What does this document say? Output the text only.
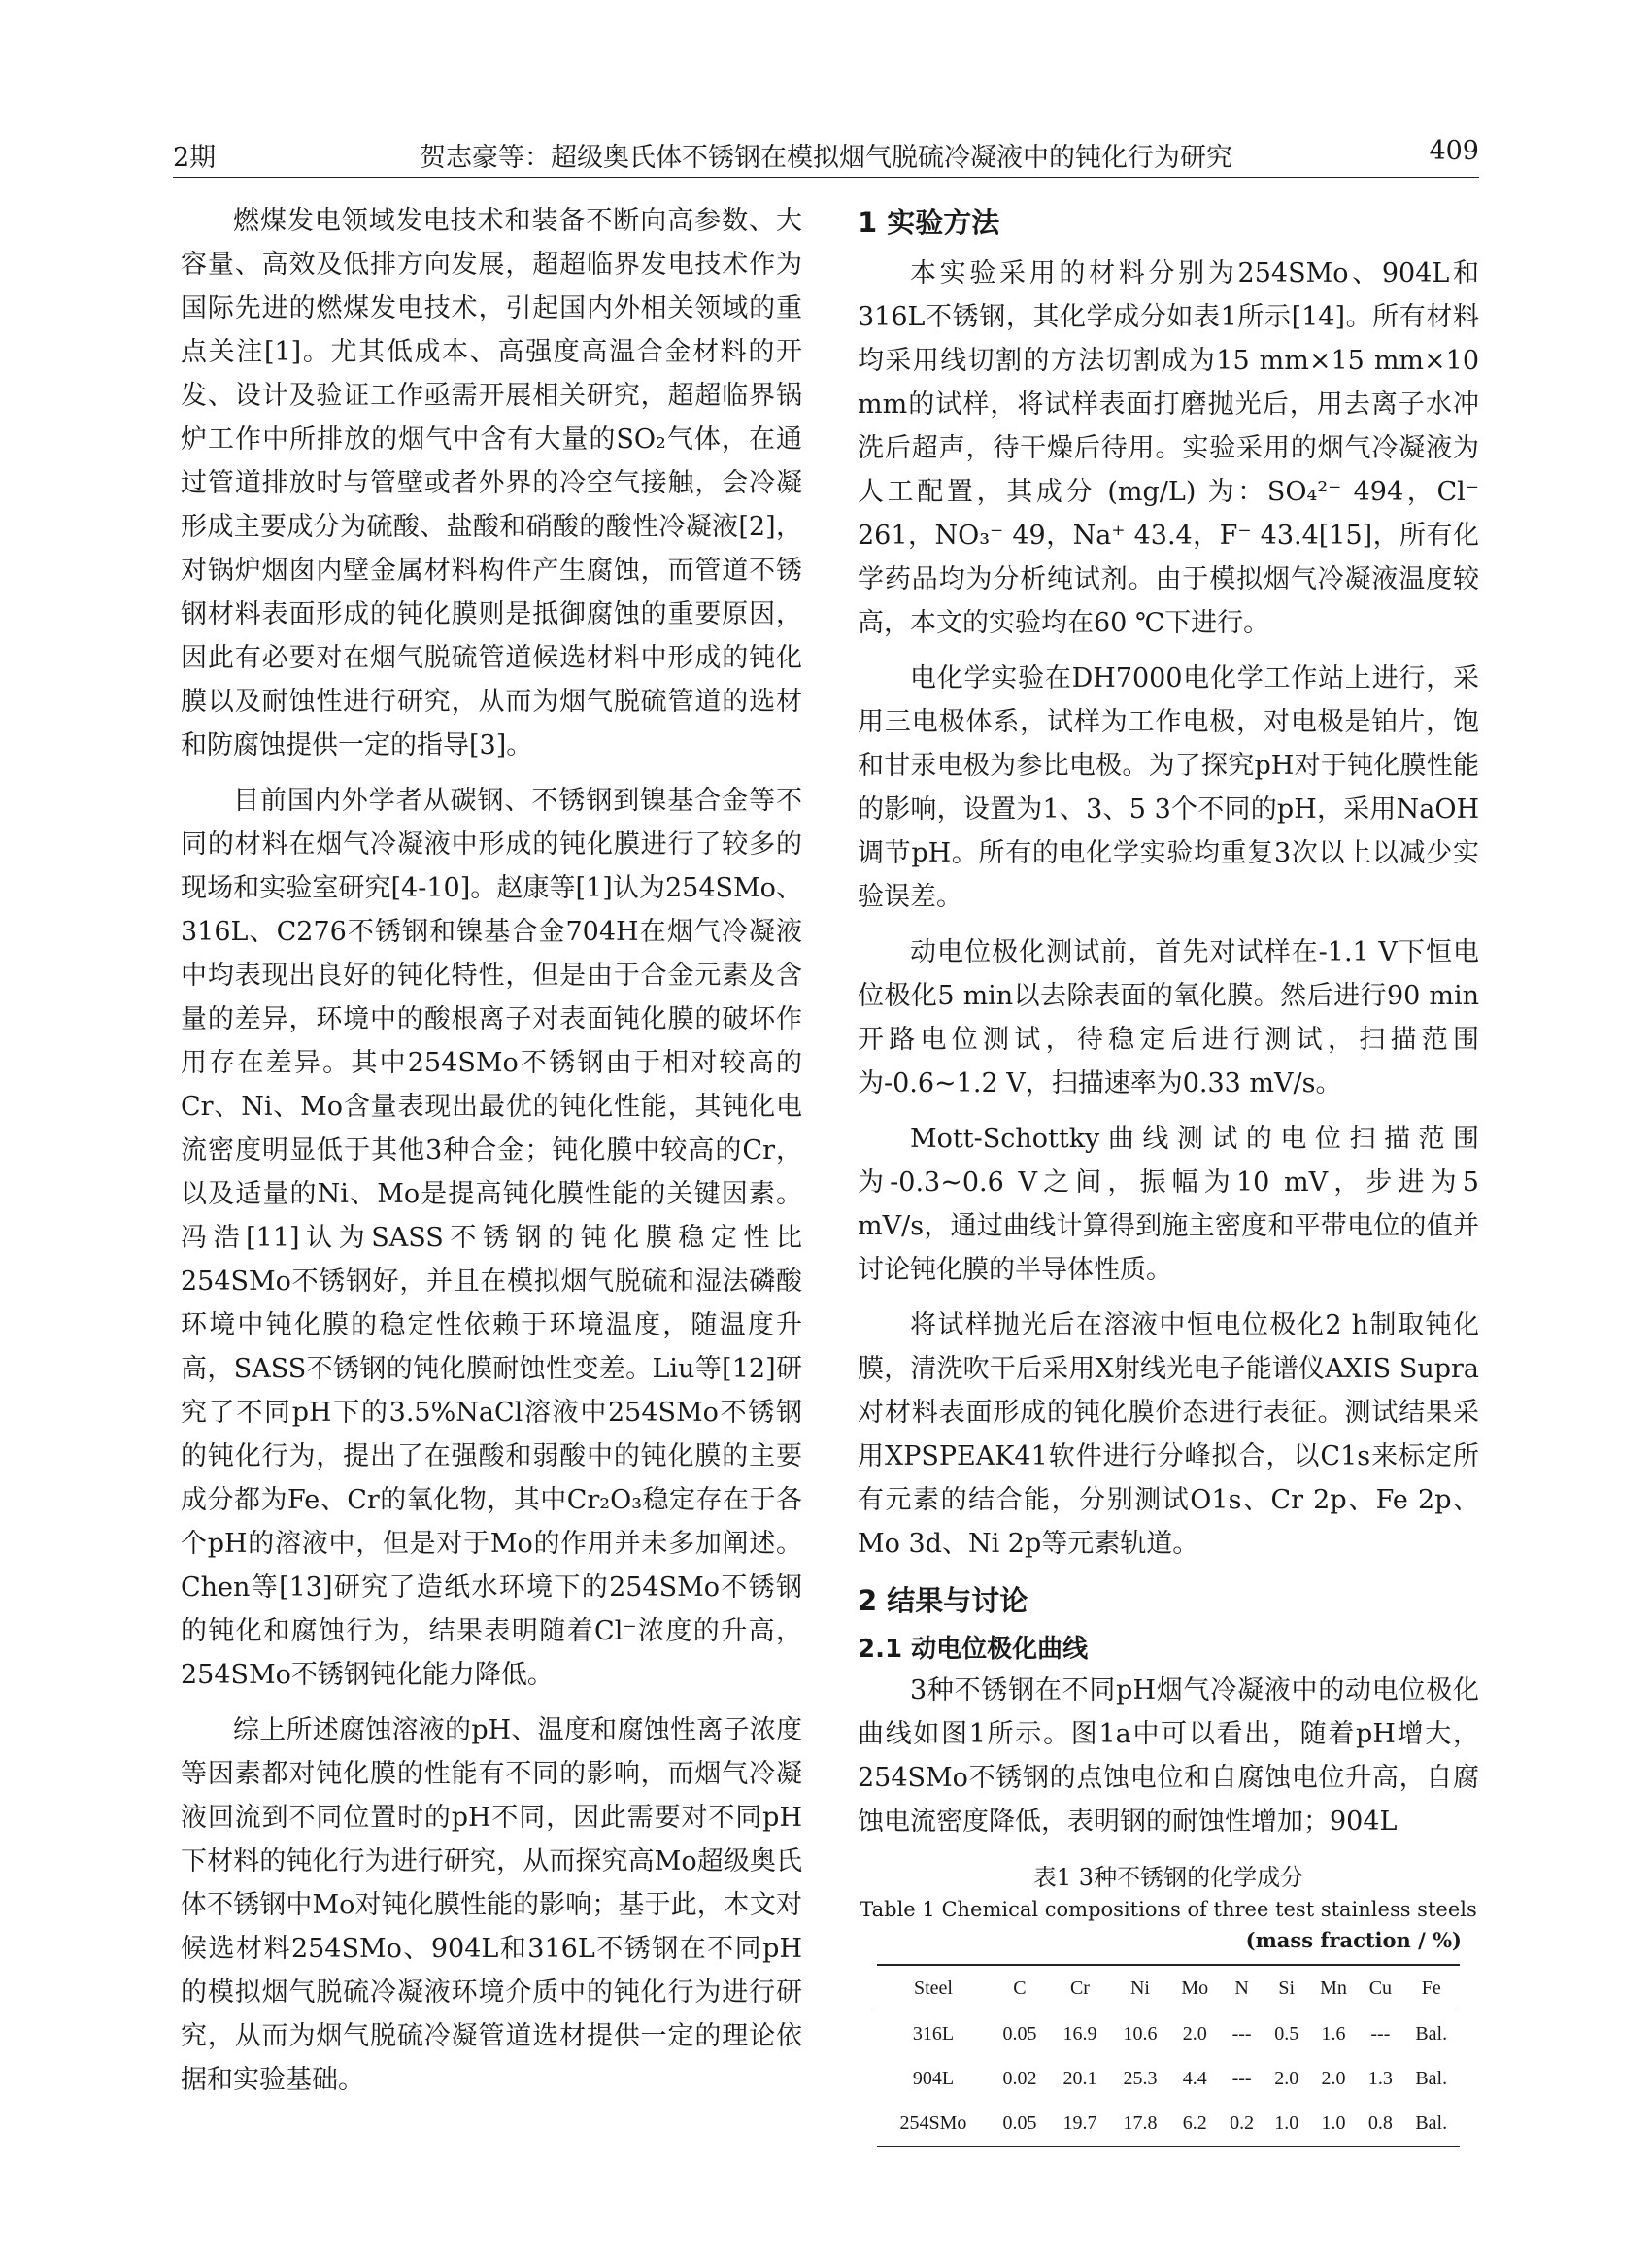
2期	贺志豪等：超级奥氏体不锈钢在模拟烟气脱硫冷凝液中的钝化行为研究	409

燃煤发电领域发电技术和装备不断向高参数、大容量、高效及低排方向发展，超超临界发电技术作为国际先进的燃煤发电技术，引起国内外相关领域的重点关注[1]。尤其低成本、高强度高温合金材料的开发、设计及验证工作亟需开展相关研究，超超临界锅炉工作中所排放的烟气中含有大量的SO₂气体，在通过管道排放时与管壁或者外界的冷空气接触，会冷凝形成主要成分为硫酸、盐酸和硝酸的酸性冷凝液[2]，对锅炉烟囱内壁金属材料构件产生腐蚀，而管道不锈钢材料表面形成的钝化膜则是抵御腐蚀的重要原因，因此有必要对在烟气脱硫管道候选材料中形成的钝化膜以及耐蚀性进行研究，从而为烟气脱硫管道的选材和防腐蚀提供一定的指导[3]。

目前国内外学者从碳钢、不锈钢到镍基合金等不同的材料在烟气冷凝液中形成的钝化膜进行了较多的现场和实验室研究[4-10]。赵康等[1]认为254SMo、316L、C276不锈钢和镍基合金704H在烟气冷凝液中均表现出良好的钝化特性，但是由于合金元素及含量的差异，环境中的酸根离子对表面钝化膜的破坏作用存在差异。其中254SMo不锈钢由于相对较高的Cr、Ni、Mo含量表现出最优的钝化性能，其钝化电流密度明显低于其他3种合金；钝化膜中较高的Cr，以及适量的Ni、Mo是提高钝化膜性能的关键因素。冯浩[11]认为SASS不锈钢的钝化膜稳定性比254SMo不锈钢好，并且在模拟烟气脱硫和湿法磷酸环境中钝化膜的稳定性依赖于环境温度，随温度升高，SASS不锈钢的钝化膜耐蚀性变差。Liu等[12]研究了不同pH下的3.5%NaCl溶液中254SMo不锈钢的钝化行为，提出了在强酸和弱酸中的钝化膜的主要成分都为Fe、Cr的氧化物，其中Cr₂O₃稳定存在于各个pH的溶液中，但是对于Mo的作用并未多加阐述。Chen等[13]研究了造纸水环境下的254SMo不锈钢的钝化和腐蚀行为，结果表明随着Cl⁻浓度的升高，254SMo不锈钢钝化能力降低。

综上所述腐蚀溶液的pH、温度和腐蚀性离子浓度等因素都对钝化膜的性能有不同的影响，而烟气冷凝液回流到不同位置时的pH不同，因此需要对不同pH下材料的钝化行为进行研究，从而探究高Mo超级奥氏体不锈钢中Mo对钝化膜性能的影响；基于此，本文对候选材料254SMo、904L和316L不锈钢在不同pH的模拟烟气脱硫冷凝液环境介质中的钝化行为进行研究，从而为烟气脱硫冷凝管道选材提供一定的理论依据和实验基础。

1 实验方法

本实验采用的材料分别为254SMo、904L和316L不锈钢，其化学成分如表1所示[14]。所有材料均采用线切割的方法切割成为15 mm×15 mm×10 mm的试样，将试样表面打磨抛光后，用去离子水冲洗后超声，待干燥后待用。实验采用的烟气冷凝液为人工配置，其成分 (mg/L) 为：SO₄²⁻ 494，Cl⁻ 261，NO₃⁻ 49，Na⁺ 43.4，F⁻ 43.4[15]，所有化学药品均为分析纯试剂。由于模拟烟气冷凝液温度较高，本文的实验均在60 ℃下进行。

电化学实验在DH7000电化学工作站上进行，采用三电极体系，试样为工作电极，对电极是铂片，饱和甘汞电极为参比电极。为了探究pH对于钝化膜性能的影响，设置为1、3、5 3个不同的pH，采用NaOH调节pH。所有的电化学实验均重复3次以上以减少实验误差。

动电位极化测试前，首先对试样在-1.1 V下恒电位极化5 min以去除表面的氧化膜。然后进行90 min开路电位测试，待稳定后进行测试，扫描范围为-0.6~1.2 V，扫描速率为0.33 mV/s。

Mott-Schottky曲线测试的电位扫描范围为-0.3~0.6 V之间，振幅为10 mV，步进为5 mV/s，通过曲线计算得到施主密度和平带电位的值并讨论钝化膜的半导体性质。

将试样抛光后在溶液中恒电位极化2 h制取钝化膜，清洗吹干后采用X射线光电子能谱仪AXIS Supra对材料表面形成的钝化膜价态进行表征。测试结果采用XPSPEAK41软件进行分峰拟合，以C1s来标定所有元素的结合能，分别测试O1s、Cr 2p、Fe 2p、Mo 3d、Ni 2p等元素轨道。

2 结果与讨论
2.1 动电位极化曲线

3种不锈钢在不同pH烟气冷凝液中的动电位极化曲线如图1所示。图1a中可以看出，随着pH增大，254SMo不锈钢的点蚀电位和自腐蚀电位升高，自腐蚀电流密度降低，表明钢的耐蚀性增加；904L

表1 3种不锈钢的化学成分
Table 1 Chemical compositions of three test stainless steels
(mass fraction / %)
Steel	C	Cr	Ni	Mo	N	Si	Mn	Cu	Fe
316L	0.05	16.9	10.6	2.0	---	0.5	1.6	---	Bal.
904L	0.02	20.1	25.3	4.4	---	2.0	2.0	1.3	Bal.
254SMo	0.05	19.7	17.8	6.2	0.2	1.0	1.0	0.8	Bal.
